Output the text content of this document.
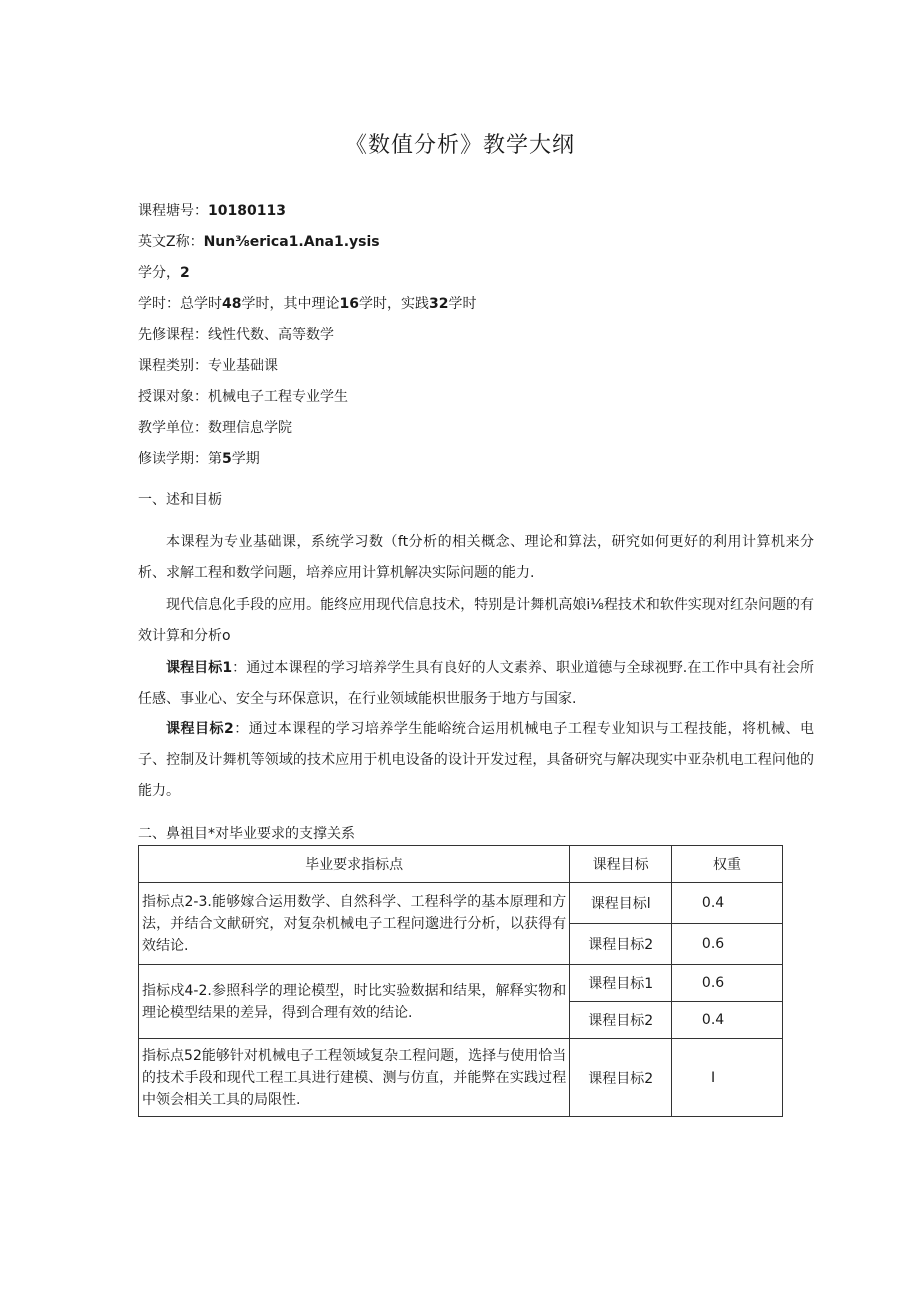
《数值分析》教学大纲
课程塘号：10180113
英文Z称：Nun⅜erica1.Ana1.ysis
学分，2
学时：总学时48学时，其中理论16学时，实践32学时
先修课程：线性代数、高等数学
课程类别：专业基础课
授课对象：机械电子工程专业学生
教学单位：数理信息学院
修读学期：第5学期
一、述和目栃
本课程为专业基础课，系统学习数（ft分析的相关概念、理论和算法，研究如何更好的利用计算机来分析、求解工程和数学问题，培养应用计算机解决实际问题的能力.
现代信息化手段的应用。能终应用现代信息技术，特别是计舞机高娘i⅛程技术和软件实现对红杂问题的有效计算和分析o
课程目标1：通过本课程的学习培养学生具有良好的人文素养、职业道德与全球视野.在工作中具有社会所任感、事业心、安全与环保意识，在行业领域能枳世服务于地方与国家.
课程目标2：通过本课程的学习培养学生能峪统合运用机械电子工程专业知识与工程技能，将机械、电子、控制及计舞机等领域的技术应用于机电设备的设计开发过程，具备研究与解决现实中亚杂机电工程问他的能力。
二、鼻祖目*对毕业要求的支撑关系
毕业要求指标点	课程目标	权重
指标点2-3.能够嫁合运用数学、自然科学、工程科学的基本原理和方法，并结合文献研究，对复杂机械电子工程问邈进行分析，以获得有效结论.	课程目标l	0.4
	课程目标2	0.6
指标戍4-2.参照科学的理论模型，时比实验数据和结果，解释实物和理论模型结果的差异，得到合理有效的结论.	课程目标1	0.6
	课程目标2	0.4
指标点52能够针对机械电子工程领域复杂工程问题，选择与使用恰当的技术手段和现代工程工具进行建模、测与仿直，并能弊在实践过程中领会相关工具的局限性.	课程目标2	I
